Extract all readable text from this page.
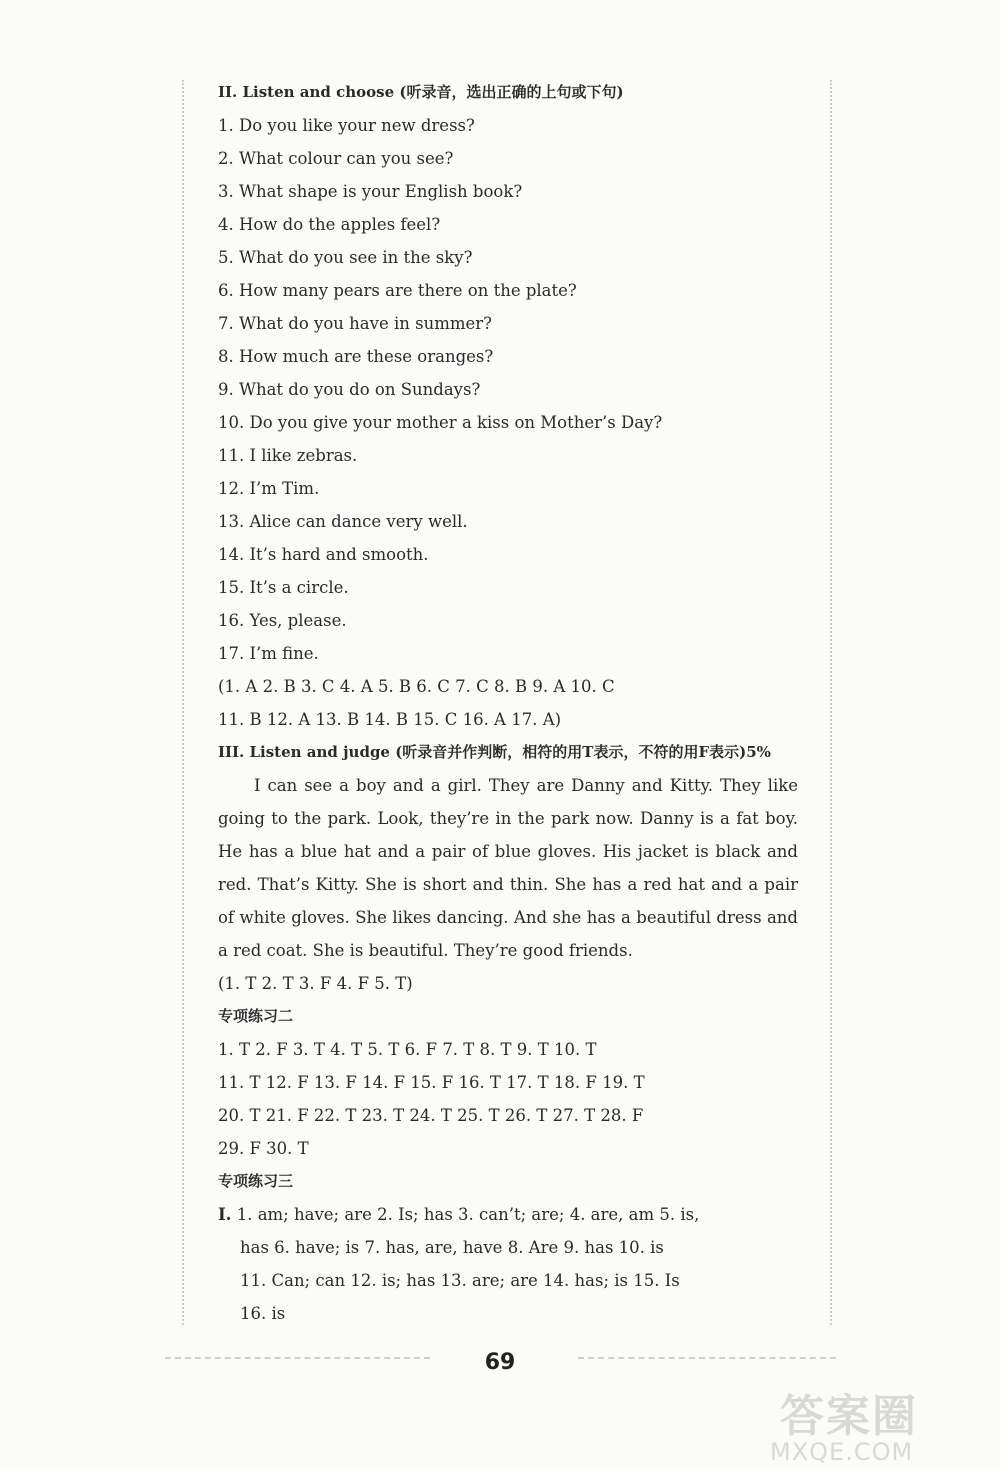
II. Listen and choose (听录音，选出正确的上句或下句)
1. Do you like your new dress?
2. What colour can you see?
3. What shape is your English book?
4. How do the apples feel?
5. What do you see in the sky?
6. How many pears are there on the plate?
7. What do you have in summer?
8. How much are these oranges?
9. What do you do on Sundays?
10. Do you give your mother a kiss on Mother’s Day?
11. I like zebras.
12. I’m Tim.
13. Alice can dance very well.
14. It’s hard and smooth.
15. It’s a circle.
16. Yes, please.
17. I’m fine.
(1. A 2. B 3. C 4. A 5. B 6. C 7. C 8. B 9. A 10. C
11. B 12. A 13. B 14. B 15. C 16. A 17. A)
III. Listen and judge (听录音并作判断，相符的用T表示，不符的用F表示)5%
I can see a boy and a girl. They are Danny and Kitty. They like going to the park. Look, they’re in the park now. Danny is a fat boy. He has a blue hat and a pair of blue gloves. His jacket is black and red. That’s Kitty. She is short and thin. She has a red hat and a pair of white gloves. She likes dancing. And she has a beautiful dress and a red coat. She is beautiful. They’re good friends.
(1. T 2. T 3. F 4. F 5. T)
专项练习二
1. T 2. F 3. T 4. T 5. T 6. F 7. T 8. T 9. T 10. T
11. T 12. F 13. F 14. F 15. F 16. T 17. T 18. F 19. T
20. T 21. F 22. T 23. T 24. T 25. T 26. T 27. T 28. F
29. F 30. T
专项练习三
I. 1. am; have; are 2. Is; has 3. can’t; are; 4. are, am 5. is,
has 6. have; is 7. has, are, have 8. Are 9. has 10. is
11. Can; can 12. is; has 13. are; are 14. has; is 15. Is
16. is
69
答案圈
MXQE.COM
